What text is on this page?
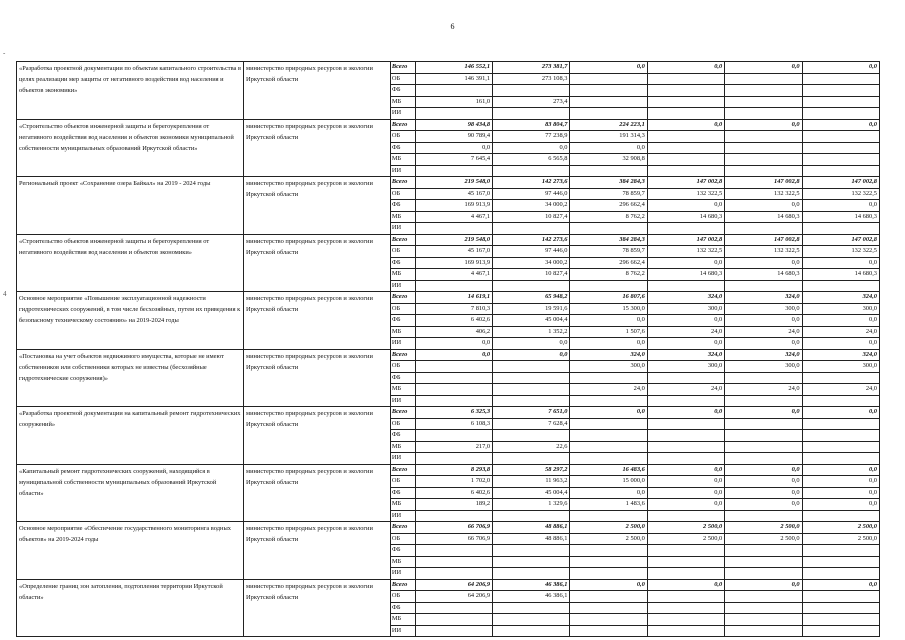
6
-
4
«Разработка проектной документации по объектам капитального строительства в целях реализации мер защиты от негативного воздействия вод населения и объектов экономики»	министерство природных ресурсов и экологии Иркутской области	Всего	146 552,1	273 381,7	0,0	0,0	0,0	0,0
		ОБ	146 391,1	273 108,3				
		ФБ						
		МБ	161,0	273,4				
		ИИ						
«Строительство объектов инженерной защиты и берегоукрепления от негативного воздействия вод населения и объектов экономики муниципальной собственности муниципальных образований Иркутской области»	министерство природных ресурсов и экологии Иркутской области	Всего	98 434,8	83 804,7	224 223,1	0,0	0,0	0,0
		ОБ	90 789,4	77 238,9	191 314,3			
		ФБ	0,0	0,0	0,0			
		МБ	7 645,4	6 565,8	32 908,8			
		ИИ						
Региональный проект «Сохранение озера Байкал» на 2019 - 2024 годы	министерство природных ресурсов и экологии Иркутской области	Всего	219 548,0	142 273,6	384 284,3	147 002,8	147 002,8	147 002,8
		ОБ	45 167,0	97 446,0	78 859,7	132 322,5	132 322,5	132 322,5
		ФБ	169 913,9	34 000,2	296 662,4	0,0	0,0	0,0
		МБ	4 467,1	10 827,4	8 762,2	14 680,3	14 680,3	14 680,3
		ИИ						
«Строительство объектов инженерной защиты и берегоукрепления от негативного воздействия вод населения и объектов экономики»	министерство природных ресурсов и экологии Иркутской области	Всего	219 548,0	142 273,6	384 284,3	147 002,8	147 002,8	147 002,8
		ОБ	45 167,0	97 446,0	78 859,7	132 322,5	132 322,5	132 322,5
		ФБ	169 913,9	34 000,2	296 662,4	0,0	0,0	0,0
		МБ	4 467,1	10 827,4	8 762,2	14 680,3	14 680,3	14 680,3
		ИИ						
Основное мероприятие «Повышение эксплуатационной надежности гидротехнических сооружений, в том числе бесхозяйных, путем их приведения к безопасному техническому состоянию» на 2019-2024 годы	министерство природных ресурсов и экологии Иркутской области	Всего	14 619,1	65 948,2	16 807,6	324,0	324,0	324,0
		ОБ	7 810,3	19 591,6	15 300,0	300,0	300,0	300,0
		ФБ	6 402,6	45 004,4	0,0	0,0	0,0	0,0
		МБ	406,2	1 352,2	1 507,6	24,0	24,0	24,0
		ИИ	0,0	0,0	0,0	0,0	0,0	0,0
«Постановка на учет объектов недвижимого имущества, которые не имеют собственников или собственники которых не известны (бесхозяйные гидротехнические сооружения)»	министерство природных ресурсов и экологии Иркутской области	Всего	0,0	0,0	324,0	324,0	324,0	324,0
		ОБ			300,0	300,0	300,0	300,0
		ФБ						
		МБ			24,0	24,0	24,0	24,0
		ИИ						
«Разработка проектной документации на капитальный ремонт гидротехнических сооружений»	министерство природных ресурсов и экологии Иркутской области	Всего	6 325,3	7 651,0	0,0	0,0	0,0	0,0
		ОБ	6 108,3	7 628,4				
		ФБ						
		МБ	217,0	22,6				
		ИИ						
«Капитальный ремонт гидротехнических сооружений, находящийся в муниципальной собственности муниципальных образований Иркутской области»	министерство природных ресурсов и экологии Иркутской области	Всего	8 293,8	58 297,2	16 483,6	0,0	0,0	0,0
		ОБ	1 702,0	11 963,2	15 000,0	0,0	0,0	0,0
		ФБ	6 402,6	45 004,4	0,0	0,0	0,0	0,0
		МБ	189,2	1 329,6	1 483,6	0,0	0,0	0,0
		ИИ						
Основное мероприятие «Обеспечение государственного мониторинга водных объектов» на 2019-2024 годы	министерство природных ресурсов и экологии Иркутской области	Всего	66 706,9	48 886,1	2 500,0	2 500,0	2 500,0	2 500,0
		ОБ	66 706,9	48 886,1	2 500,0	2 500,0	2 500,0	2 500,0
		ФБ						
		МБ						
		ИИ						
«Определение границ зон затопления, подтопления территории Иркутской области»	министерство природных ресурсов и экологии Иркутской области	Всего	64 206,9	46 386,1	0,0	0,0	0,0	0,0
		ОБ	64 206,9	46 386,1				
		ФБ						
		МБ						
		ИИ						
